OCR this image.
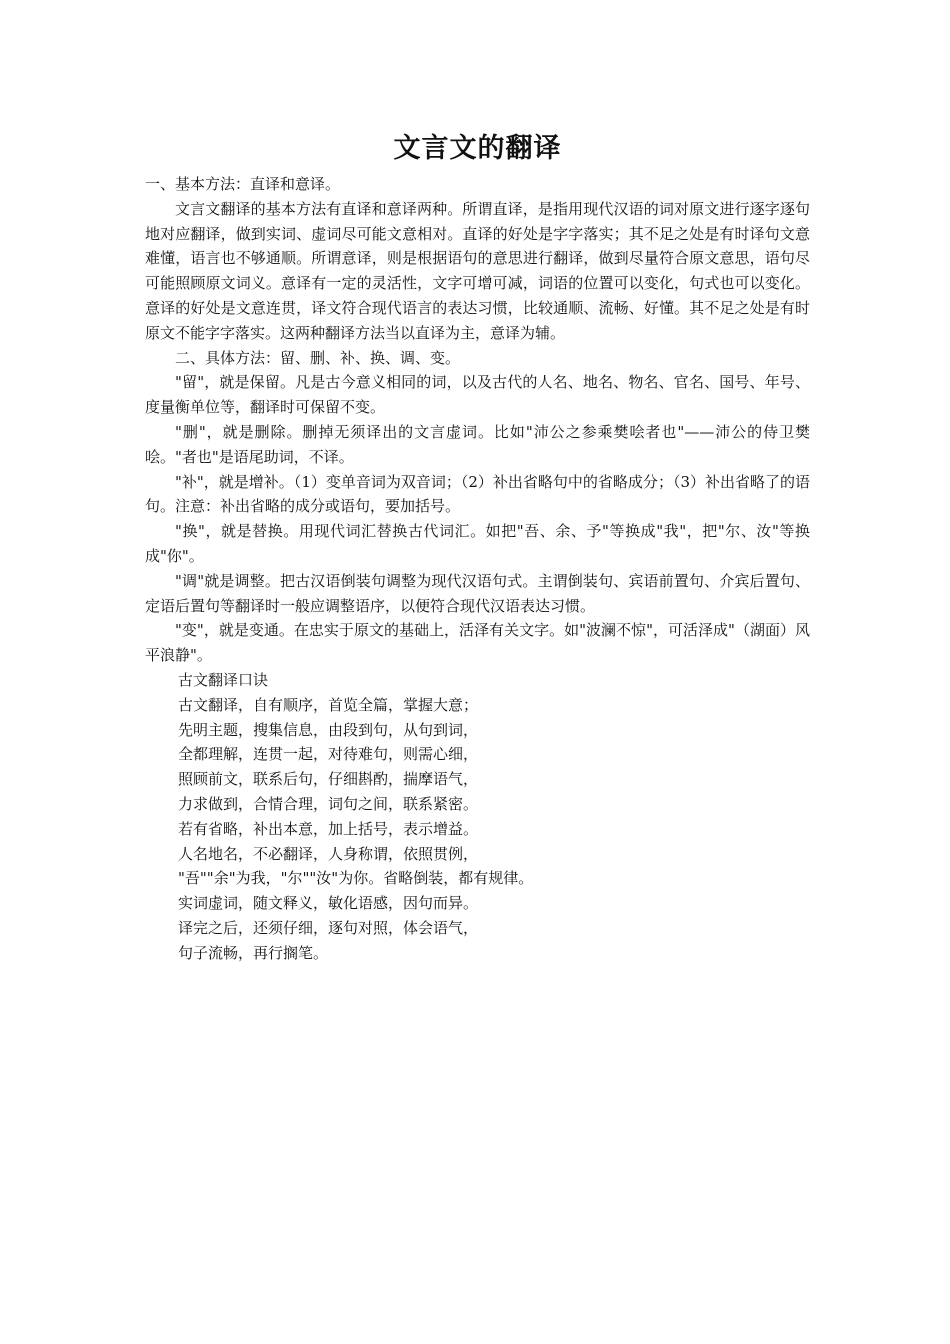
文言文的翻译

一、基本方法：直译和意译。

文言文翻译的基本方法有直译和意译两种。所谓直译，是指用现代汉语的词对原文进行逐字逐句地对应翻译，做到实词、虚词尽可能文意相对。直译的好处是字字落实；其不足之处是有时译句文意难懂，语言也不够通顺。所谓意译，则是根据语句的意思进行翻译，做到尽量符合原文意思，语句尽可能照顾原文词义。意译有一定的灵活性，文字可增可减，词语的位置可以变化，句式也可以变化。意译的好处是文意连贯，译文符合现代语言的表达习惯，比较通顺、流畅、好懂。其不足之处是有时原文不能字字落实。这两种翻译方法当以直译为主，意译为辅。

二、具体方法：留、删、补、换、调、变。

"留"，就是保留。凡是古今意义相同的词，以及古代的人名、地名、物名、官名、国号、年号、度量衡单位等，翻译时可保留不变。

"删"，就是删除。删掉无须译出的文言虚词。比如"沛公之参乘樊哙者也"——沛公的侍卫樊哙。"者也"是语尾助词，不译。

"补"，就是增补。（1）变单音词为双音词；（2）补出省略句中的省略成分；（3）补出省略了的语句。注意：补出省略的成分或语句，要加括号。

"换"，就是替换。用现代词汇替换古代词汇。如把"吾、余、予"等换成"我"，把"尔、汝"等换成"你"。

"调"就是调整。把古汉语倒装句调整为现代汉语句式。主谓倒装句、宾语前置句、介宾后置句、定语后置句等翻译时一般应调整语序，以便符合现代汉语表达习惯。

"变"，就是变通。在忠实于原文的基础上，活泽有关文字。如"波澜不惊"，可活泽成"（湖面）风平浪静"。

古文翻译口诀

古文翻译，自有顺序，首览全篇，掌握大意；

先明主题，搜集信息，由段到句，从句到词，

全都理解，连贯一起，对待难句，则需心细，

照顾前文，联系后句，仔细斟酌，揣摩语气，

力求做到，合情合理，词句之间，联系紧密。

若有省略，补出本意，加上括号，表示增益。

人名地名，不必翻译，人身称谓，依照贯例，

"吾""余"为我，"尔""汝"为你。省略倒装，都有规律。

实词虚词，随文释义，敏化语感，因句而异。

译完之后，还须仔细，逐句对照，体会语气，

句子流畅，再行搁笔。
